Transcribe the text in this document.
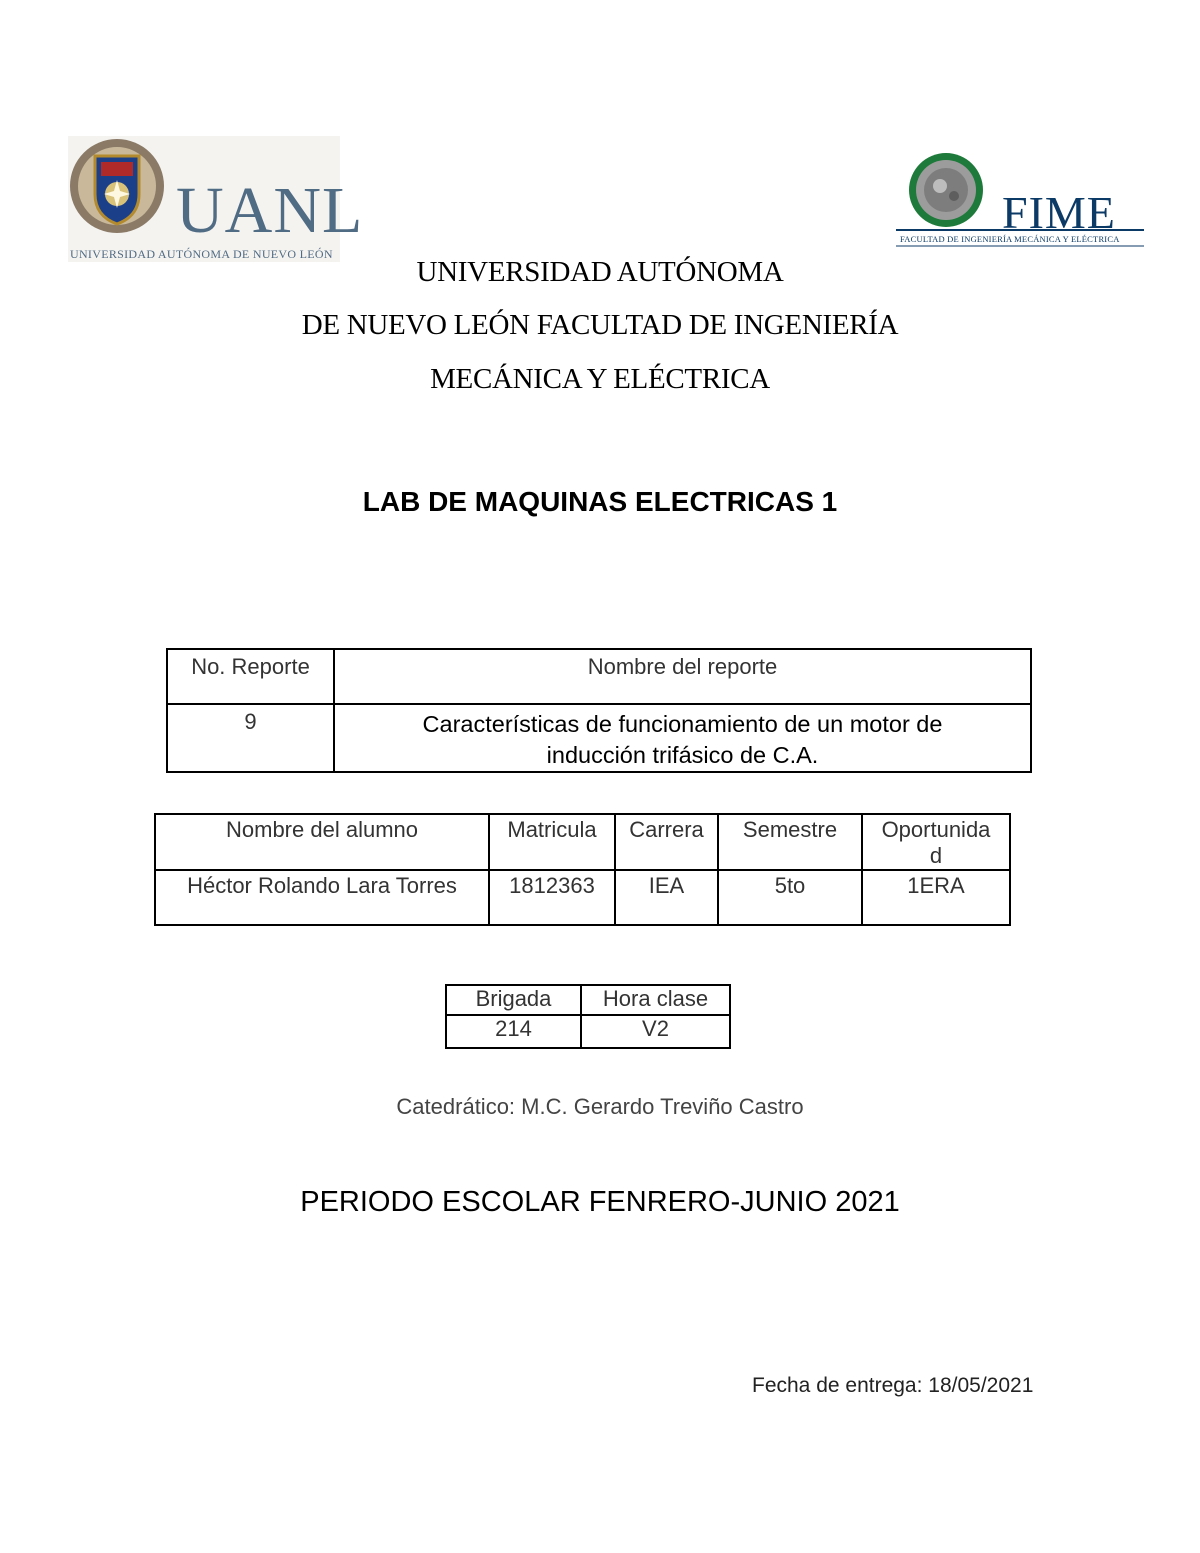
UANL
UNIVERSIDAD AUTÓNOMA DE NUEVO LEÓN
FIME
FACULTAD DE INGENIERÍA MECÁNICA Y ELÉCTRICA
UNIVERSIDAD AUTÓNOMA
DE NUEVO LEÓN FACULTAD DE INGENIERÍA
MECÁNICA Y ELÉCTRICA
LAB DE MAQUINAS ELECTRICAS 1
No. Reporte	Nombre del reporte
9	Características de funcionamiento de un motor de
inducción trifásico de C.A.
Nombre del alumno	Matricula	Carrera	Semestre	Oportunida
d

Héctor Rolando Lara Torres	1812363	IEA	5to	1ERA
Brigada	Hora clase
214	V2
Catedrático: M.C. Gerardo Treviño Castro
PERIODO ESCOLAR FENRERO-JUNIO 2021
Fecha de entrega: 18/05/2021
